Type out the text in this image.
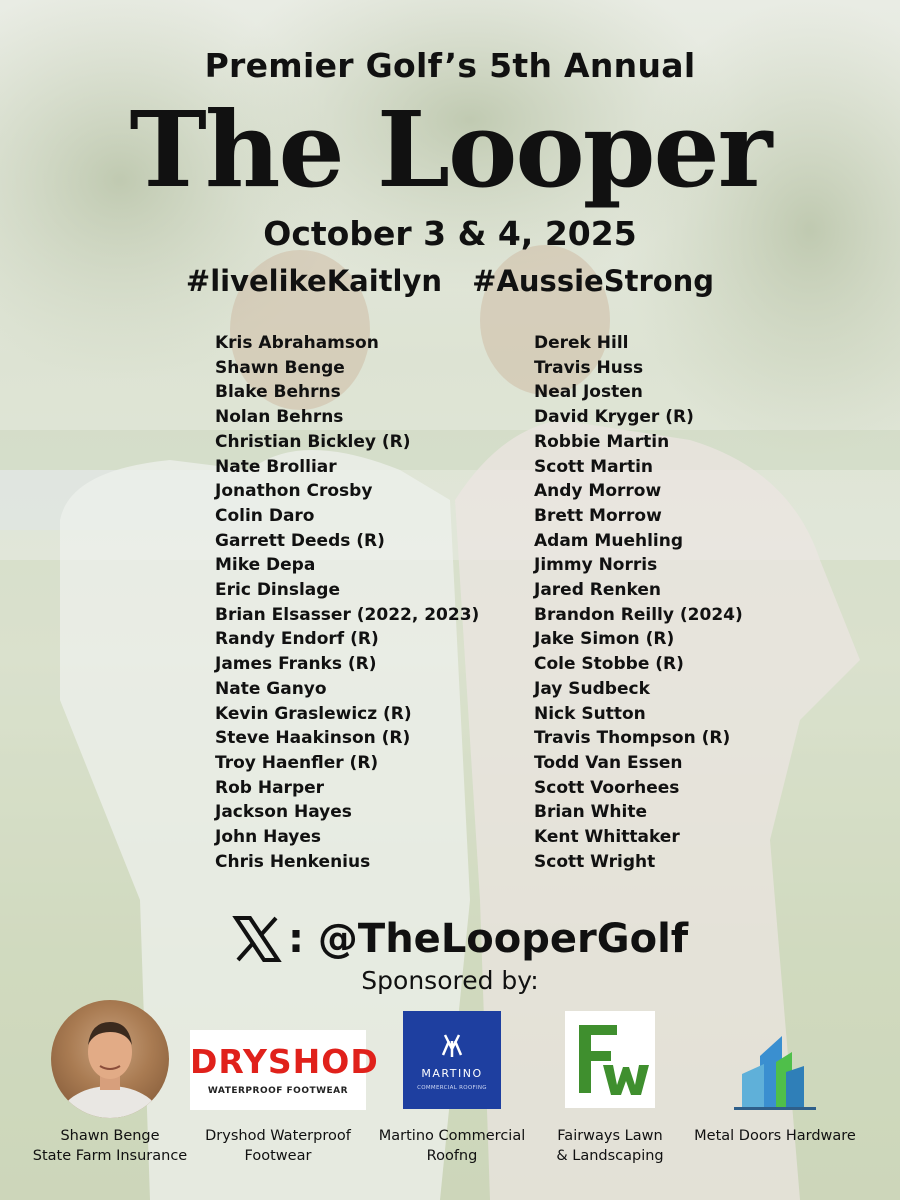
Premier Golf’s 5th Annual
The Looper
October 3 & 4, 2025
#livelikeKaitlyn #AussieStrong
Kris Abrahamson
Shawn Benge
Blake Behrns
Nolan Behrns
Christian Bickley (R)
Nate Brolliar
Jonathon Crosby
Colin Daro
Garrett Deeds (R)
Mike Depa
Eric Dinslage
Brian Elsasser (2022, 2023)
Randy Endorf (R)
James Franks (R)
Nate Ganyo
Kevin Graslewicz (R)
Steve Haakinson (R)
Troy Haenfler (R)
Rob Harper
Jackson Hayes
John Hayes
Chris Henkenius
Derek Hill
Travis Huss
Neal Josten
David Kryger (R)
Robbie Martin
Scott Martin
Andy Morrow
Brett Morrow
Adam Muehling
Jimmy Norris
Jared Renken
Brandon Reilly (2024)
Jake Simon (R)
Cole Stobbe (R)
Jay Sudbeck
Nick Sutton
Travis Thompson (R)
Todd Van Essen
Scott Voorhees
Brian White
Kent Whittaker
Scott Wright
: @TheLooperGolf
Sponsored by:
Shawn Benge
State Farm Insurance
DRYSHOD
WATERPROOF FOOTWEAR
Dryshod Waterproof
Footwear
MARTINO
COMMERCIAL ROOFING
Martino Commercial
Roofng
Fairways Lawn
& Landscaping
Metal Doors Hardware
